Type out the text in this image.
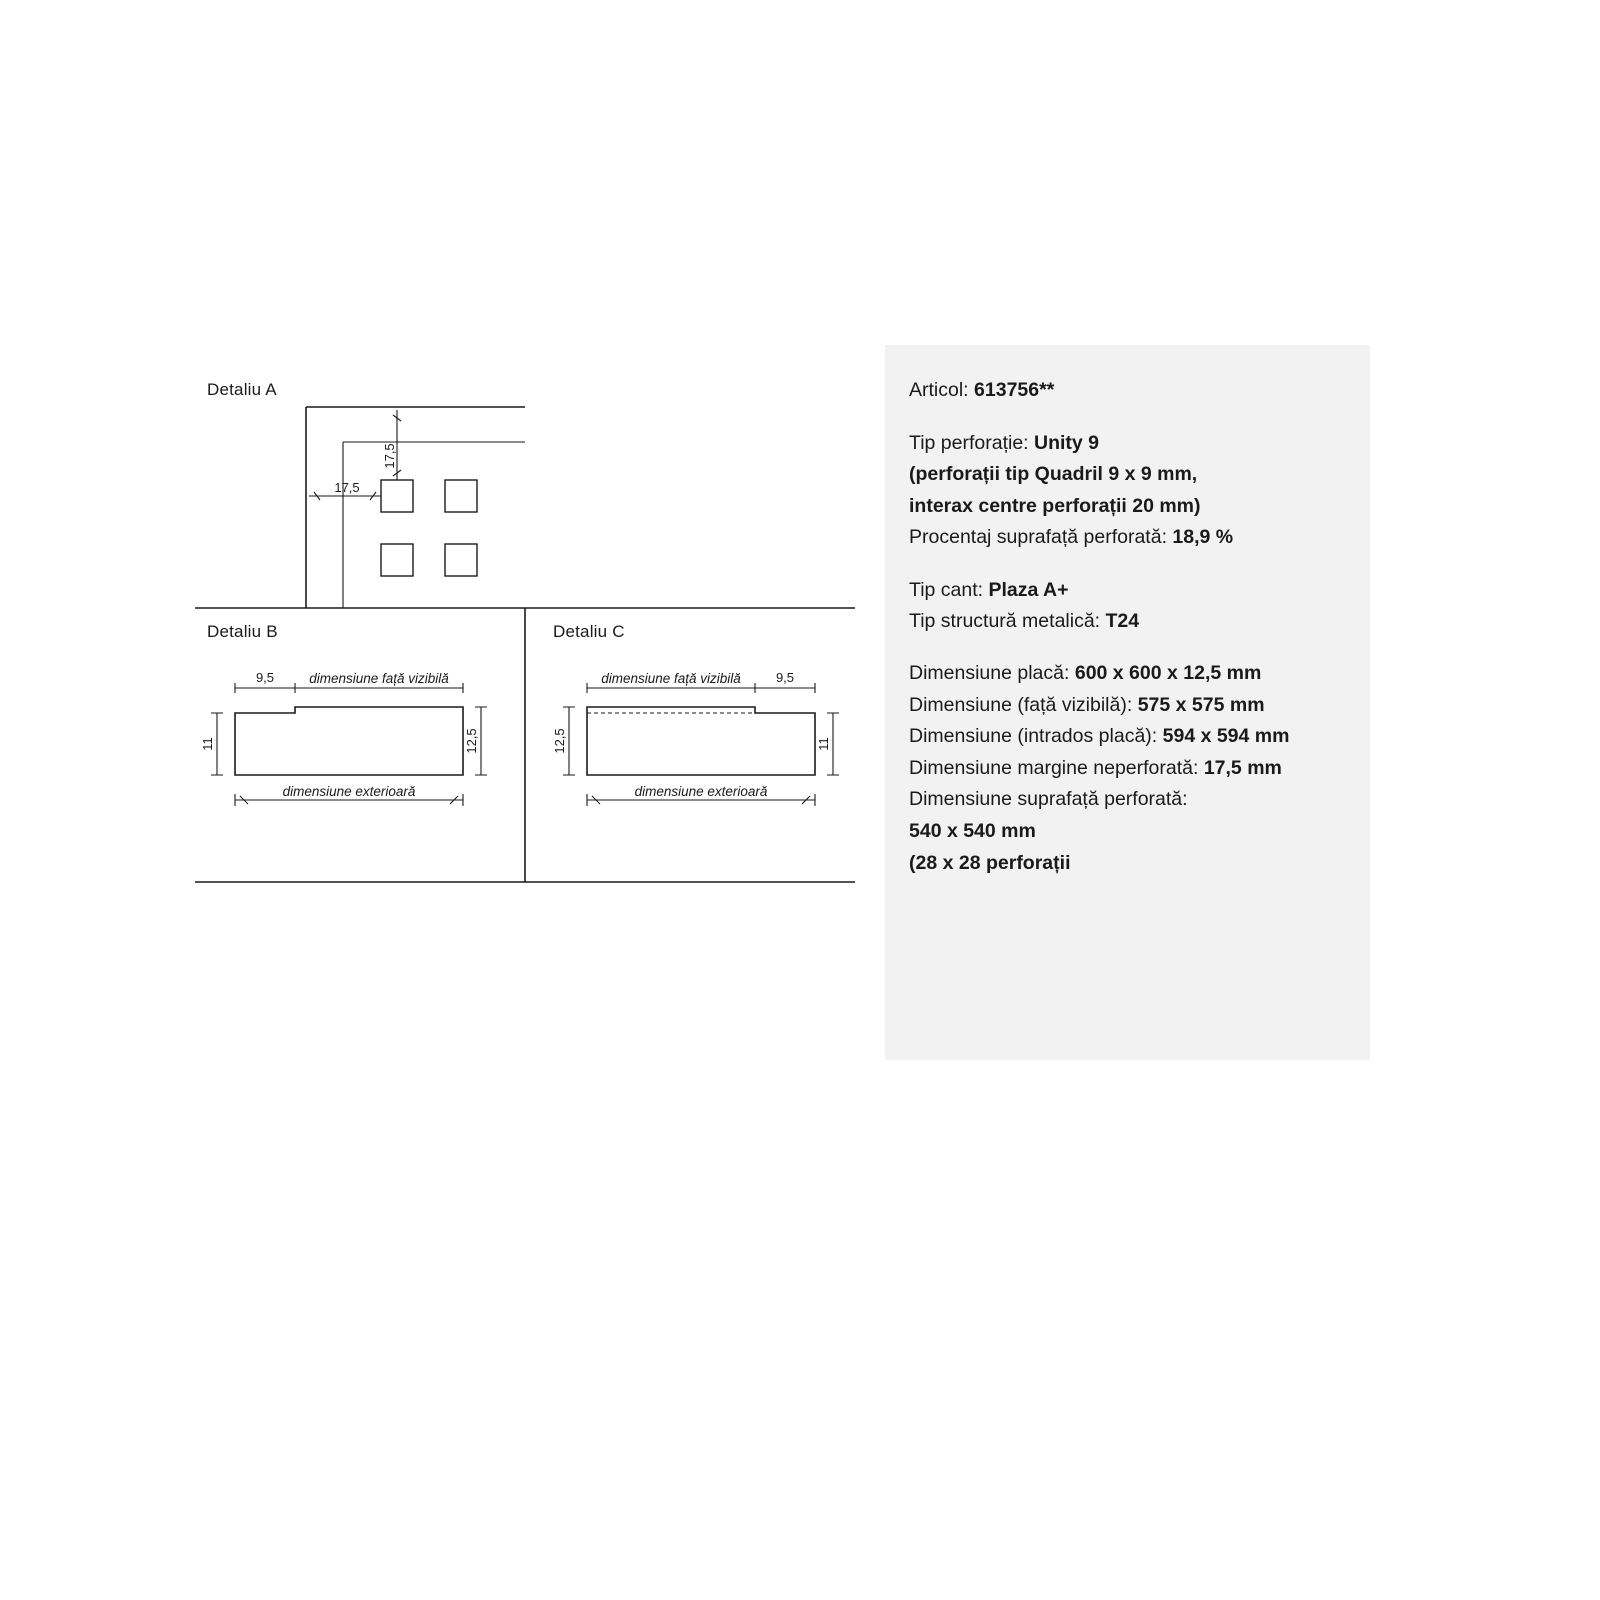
Detaliu A
Detaliu B	Detaliu C
17,5
17,5
9,5	dimensiune față vizibilă
dimensiune exterioară
11	12,5
dimensiune față vizibilă	9,5
dimensiune exterioară
12,5	11
Articol: 613756**
Tip perforație: Unity 9
(perforații tip Quadril 9 x 9 mm,
interax centre perforații 20 mm)
Procentaj suprafață perforată: 18,9 %
Tip cant: Plaza A+
Tip structură metalică: T24
Dimensiune placă: 600 x 600 x 12,5 mm
Dimensiune (față vizibilă): 575 x 575 mm
Dimensiune (intrados placă): 594 x 594 mm
Dimensiune margine neperforată: 17,5 mm
Dimensiune suprafață perforată:
540 x 540 mm
(28 x 28 perforații
